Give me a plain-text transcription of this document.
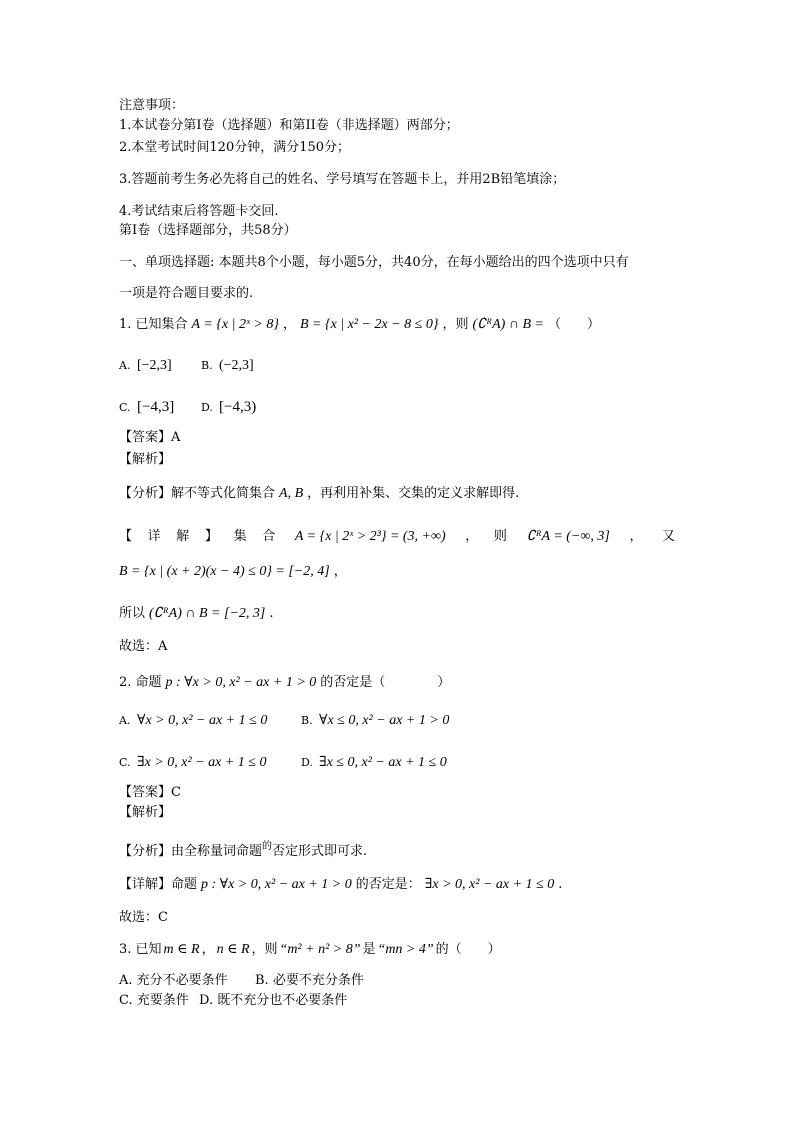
注意事项：
1.本试卷分第I卷（选择题）和第II卷（非选择题）两部分；
2.本堂考试时间120分钟，满分150分；
3.答题前考生务必先将自己的姓名、学号填写在答题卡上，并用2B铅笔填涂；
4.考试结束后将答题卡交回.
第I卷（选择题部分，共58分）
一、单项选择题: 本题共8个小题，每小题5分，共40分，在每小题给出的四个选项中只有
一项是符合题目要求的.
1. 已知集合 A = {x | 2ˣ > 8} ， B = {x | x² − 2x − 8 ≤ 0} ，则 (∁ᴿA) ∩ B = （　　）
A. [−2,3]	B. (−2,3]
C. [−4,3] D. [−4,3)
【答案】A
【解析】
【分析】解不等式化简集合 A, B ，再利用补集、交集的定义求解即得.
【 详 解 】 集 合 A = {x | 2ˣ > 2³} = (3, +∞) ， 则 ∁ᴿA = (−∞, 3] ，　　又
B = {x | (x + 2)(x − 4) ≤ 0} = [−2, 4] ，
所以 (∁ᴿA) ∩ B = [−2, 3] .
故选：A
2. 命题 p : ∀x > 0, x² − ax + 1 > 0 的否定是（　　　　）
A. ∀x > 0, x² − ax + 1 ≤ 0	B. ∀x ≤ 0, x² − ax + 1 > 0
C. ∃x > 0, x² − ax + 1 ≤ 0	D. ∃x ≤ 0, x² − ax + 1 ≤ 0
【答案】C
【解析】
【分析】由全称量词命题$^的$否定形式即可求.
【详解】命题 p : ∀x > 0, x² − ax + 1 > 0 的否定是： ∃x > 0, x² − ax + 1 ≤ 0 .
故选：C
3. 已知 m ∈ R ， n ∈ R ，则 “m² + n² > 8” 是 “mn > 4” 的（　　）
A. 充分不必要条件 B. 必要不充分条件
C. 充要条件 D. 既不充分也不必要条件
